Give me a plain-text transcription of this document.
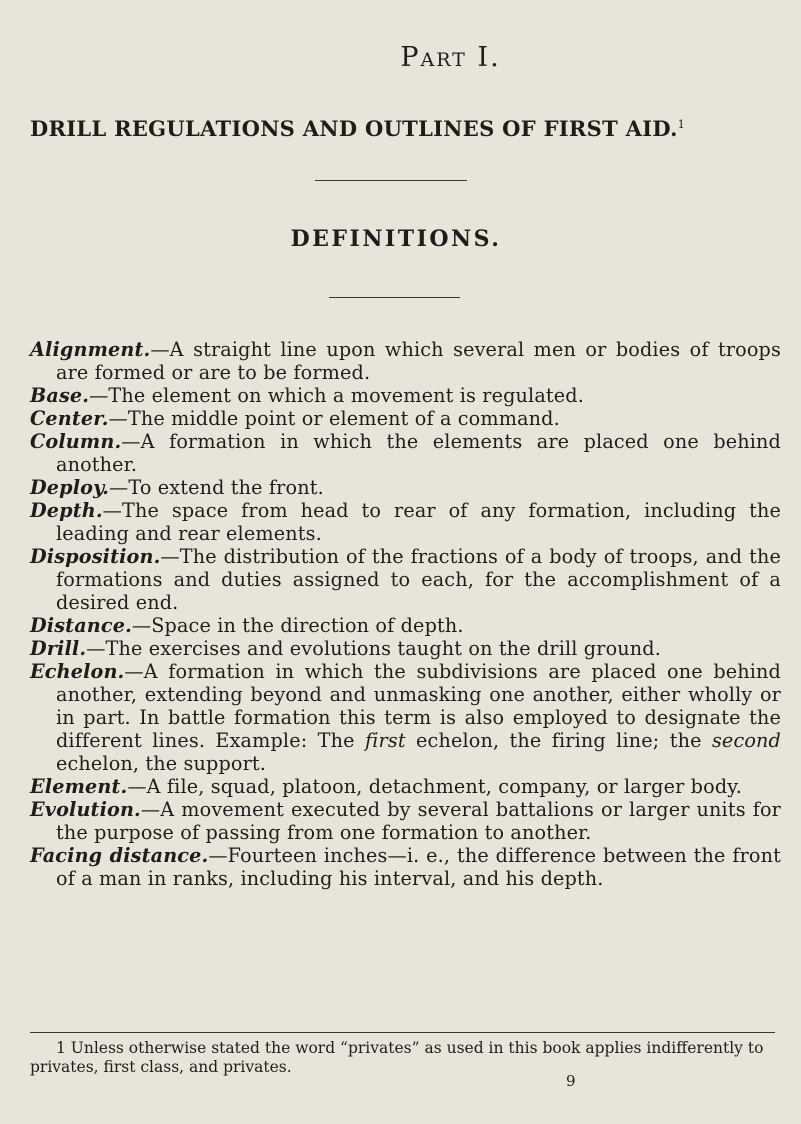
Part I.
DRILL REGULATIONS AND OUTLINES OF FIRST AID.$^1$
DEFINITIONS.

Alignment.—A straight line upon which several men or bodies of troops are formed or are to be formed.

Base.—The element on which a movement is regulated.

Center.—The middle point or element of a command.

Column.—A formation in which the elements are placed one behind another.

Deploy.—To extend the front.

Depth.—The space from head to rear of any formation, including the leading and rear elements.

Disposition.—The distribution of the fractions of a body of troops, and the formations and duties assigned to each, for the accomplishment of a desired end.

Distance.—Space in the direction of depth.

Drill.—The exercises and evolutions taught on the drill ground.

Echelon.—A formation in which the subdivisions are placed one behind another, extending beyond and unmasking one another, either wholly or in part. In battle formation this term is also employed to designate the different lines. Example: The first echelon, the firing line; the second echelon, the support.

Element.—A file, squad, platoon, detachment, company, or larger body.

Evolution.—A movement executed by several battalions or larger units for the purpose of passing from one formation to another.

Facing distance.—Fourteen inches—i. e., the difference between the front of a man in ranks, including his interval, and his depth.

1 Unless otherwise stated the word “privates” as used in this book applies indifferently to privates, first class, and privates.

9
